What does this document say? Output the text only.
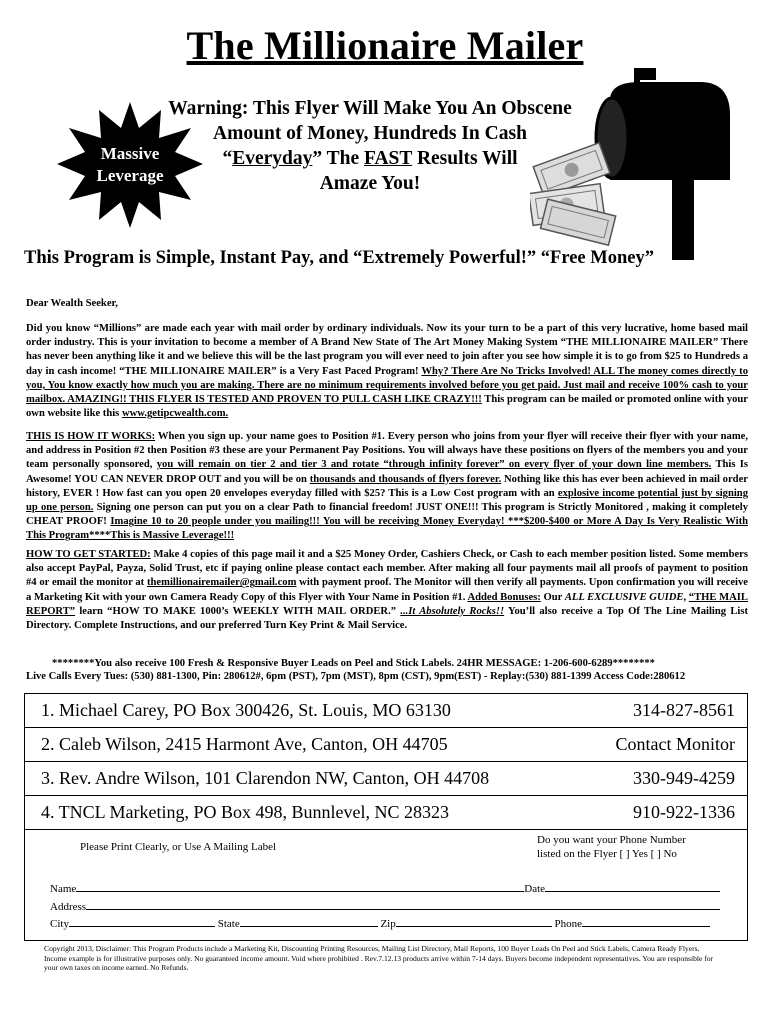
The Millionaire Mailer
Warning: This Flyer Will Make You An Obscene
Amount of Money, Hundreds In Cash
“Everyday” The FAST Results Will
Amaze You!
Massive
Leverage
This Program is Simple, Instant Pay, and “Extremely Powerful!” “Free Money”
Dear Wealth Seeker,
Did you know “Millions” are made each year with mail order by ordinary individuals. Now its your turn to be a part of this very lucrative, home based mail order industry. This is your invitation to become a member of A Brand New State of The Art Money Making System “THE MILLIONAIRE MAILER” There has never been anything like it and we believe this will be the last program you will ever need to join after you see how simple it is to go from $25 to Hundreds a day in cash income! “THE MILLIONAIRE MAILER” is a Very Fast Paced Program! Why? There Are No Tricks Involved! ALL The money comes directly to you, You know exactly how much you are making. There are no minimum requirements involved before you get paid. Just mail and receive 100% cash to your mailbox. AMAZING!! THIS FLYER IS TESTED AND PROVEN TO PULL CASH LIKE CRAZY!!! This program can be mailed or promoted online with your own website like this www.getipcwealth.com.
THIS IS HOW IT WORKS: When you sign up. your name goes to Position #1. Every person who joins from your flyer will receive their flyer with your name, and address in Position #2 then Position #3 these are your Permanent Pay Positions. You will always have these positions on flyers of the members you and your team personally sponsored, you will remain on tier 2 and tier 3 and rotate “through infinity forever” on every flyer of your down line members. This Is Awesome! YOU CAN NEVER DROP OUT and you will be on thousands and thousands of flyers forever. Nothing like this has ever been achieved in mail order history, EVER ! How fast can you open 20 envelopes everyday filled with $25? This is a Low Cost program with an explosive income potential just by signing up one person. Signing one person can put you on a clear Path to financial freedom! JUST ONE!!! This program is Strictly Monitored , making it completely CHEAT PROOF! Imagine 10 to 20 people under you mailing!!! You will be receiving Money Everyday! ***$200-$400 or More A Day Is Very Realistic With This Program****This is Massive Leverage!!!
HOW TO GET STARTED: Make 4 copies of this page mail it and a $25 Money Order, Cashiers Check, or Cash to each member position listed. Some members also accept PayPal, Payza, Solid Trust, etc if paying online please contact each member. After making all four payments mail all proofs of payment to position #4 or email the monitor at themillionairemailer@gmail.com with payment proof. The Monitor will then verify all payments. Upon confirmation you will receive a Marketing Kit with your own Camera Ready Copy of this Flyer with Your Name in Position #1. Added Bonuses: Our ALL EXCLUSIVE GUIDE, “THE MAIL REPORT” learn “HOW TO MAKE 1000’s WEEKLY WITH MAIL ORDER.” ...It Absolutely Rocks!! You’ll also receive a Top Of The Line Mailing List Directory. Complete Instructions, and our preferred Turn Key Print & Mail Service.
********You also receive 100 Fresh & Responsive Buyer Leads on Peel and Stick Labels. 24HR MESSAGE: 1-206-600-6289********
Live Calls Every Tues: (530) 881-1300, Pin: 280612#, 6pm (PST), 7pm (MST), 8pm (CST), 9pm(EST) - Replay:(530) 881-1399 Access Code:280612
1. Michael Carey, PO Box 300426, St. Louis, MO 63130	314-827-8561
2. Caleb Wilson, 2415 Harmont Ave, Canton, OH 44705	Contact Monitor
3. Rev. Andre Wilson, 101 Clarendon NW, Canton, OH 44708	330-949-4259
4. TNCL Marketing, PO Box 498, Bunnlevel, NC 28323	910-922-1336
Please Print Clearly, or Use A Mailing Label
Do you want your Phone Number
listed on the Flyer [ ] Yes [ ] No
Name	Date
Address
City	State	Zip	Phone
Copyright 2013, Disclaimer: This Program Products include a Marketing Kit, Discounting Printing Resources, Mailing List Directory, Mail Reports, 100 Buyer Leads On Peel and Stick Labels, Camera Ready Flyers. Income example is for illustrative purposes only. No guaranteed income amount. Void where prohibited . Rev.7.12.13 products arrive within 7-14 days. Buyers become independent representatives. You are responsible for your own taxes on income earned. No Refunds.
